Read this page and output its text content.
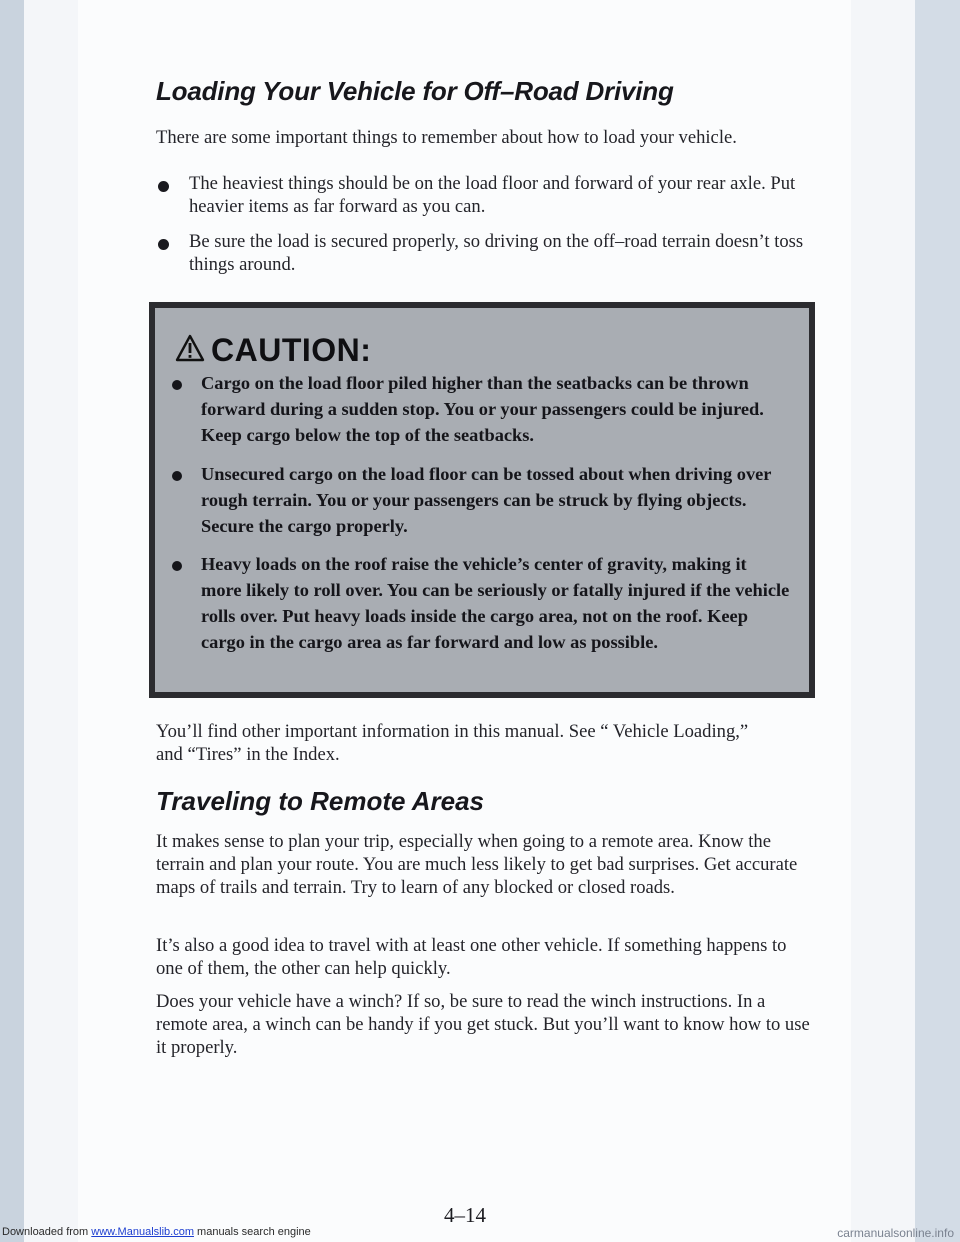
Loading Your Vehicle for Off–Road Driving

There are some important things to remember about how to load your vehicle.

The heaviest things should be on the load floor and forward of your rear axle. Put heavier items as far forward as you can.
Be sure the load is secured properly, so driving on the off–road terrain doesn’t toss things around.
CAUTION:
Cargo on the load floor piled higher than the seatbacks can be thrown forward during a sudden stop. You or your passengers could be injured. Keep cargo below the top of the seatbacks.
Unsecured cargo on the load floor can be tossed about when driving over rough terrain. You or your passengers can be struck by flying objects. Secure the cargo properly.
Heavy loads on the roof raise the vehicle’s center of gravity, making it more likely to roll over. You can be seriously or fatally injured if the vehicle rolls over. Put heavy loads inside the cargo area, not on the roof. Keep cargo in the cargo area as far forward and low as possible.

You’ll find other important information in this manual. See “ Vehicle Loading,” and “Tires” in the Index.

Traveling to Remote Areas

It makes sense to plan your trip, especially when going to a remote area. Know the terrain and plan your route. You are much less likely to get bad surprises. Get accurate maps of trails and terrain. Try to learn of any blocked or closed roads.

It’s also a good idea to travel with at least one other vehicle. If something happens to one of them, the other can help quickly.

Does your vehicle have a winch? If so, be sure to read the winch instructions. In a remote area, a winch can be handy if you get stuck. But you’ll want to know how to use it properly.

4–14
Downloaded from www.Manualslib.com manuals search engine	carmanualsonline.info
